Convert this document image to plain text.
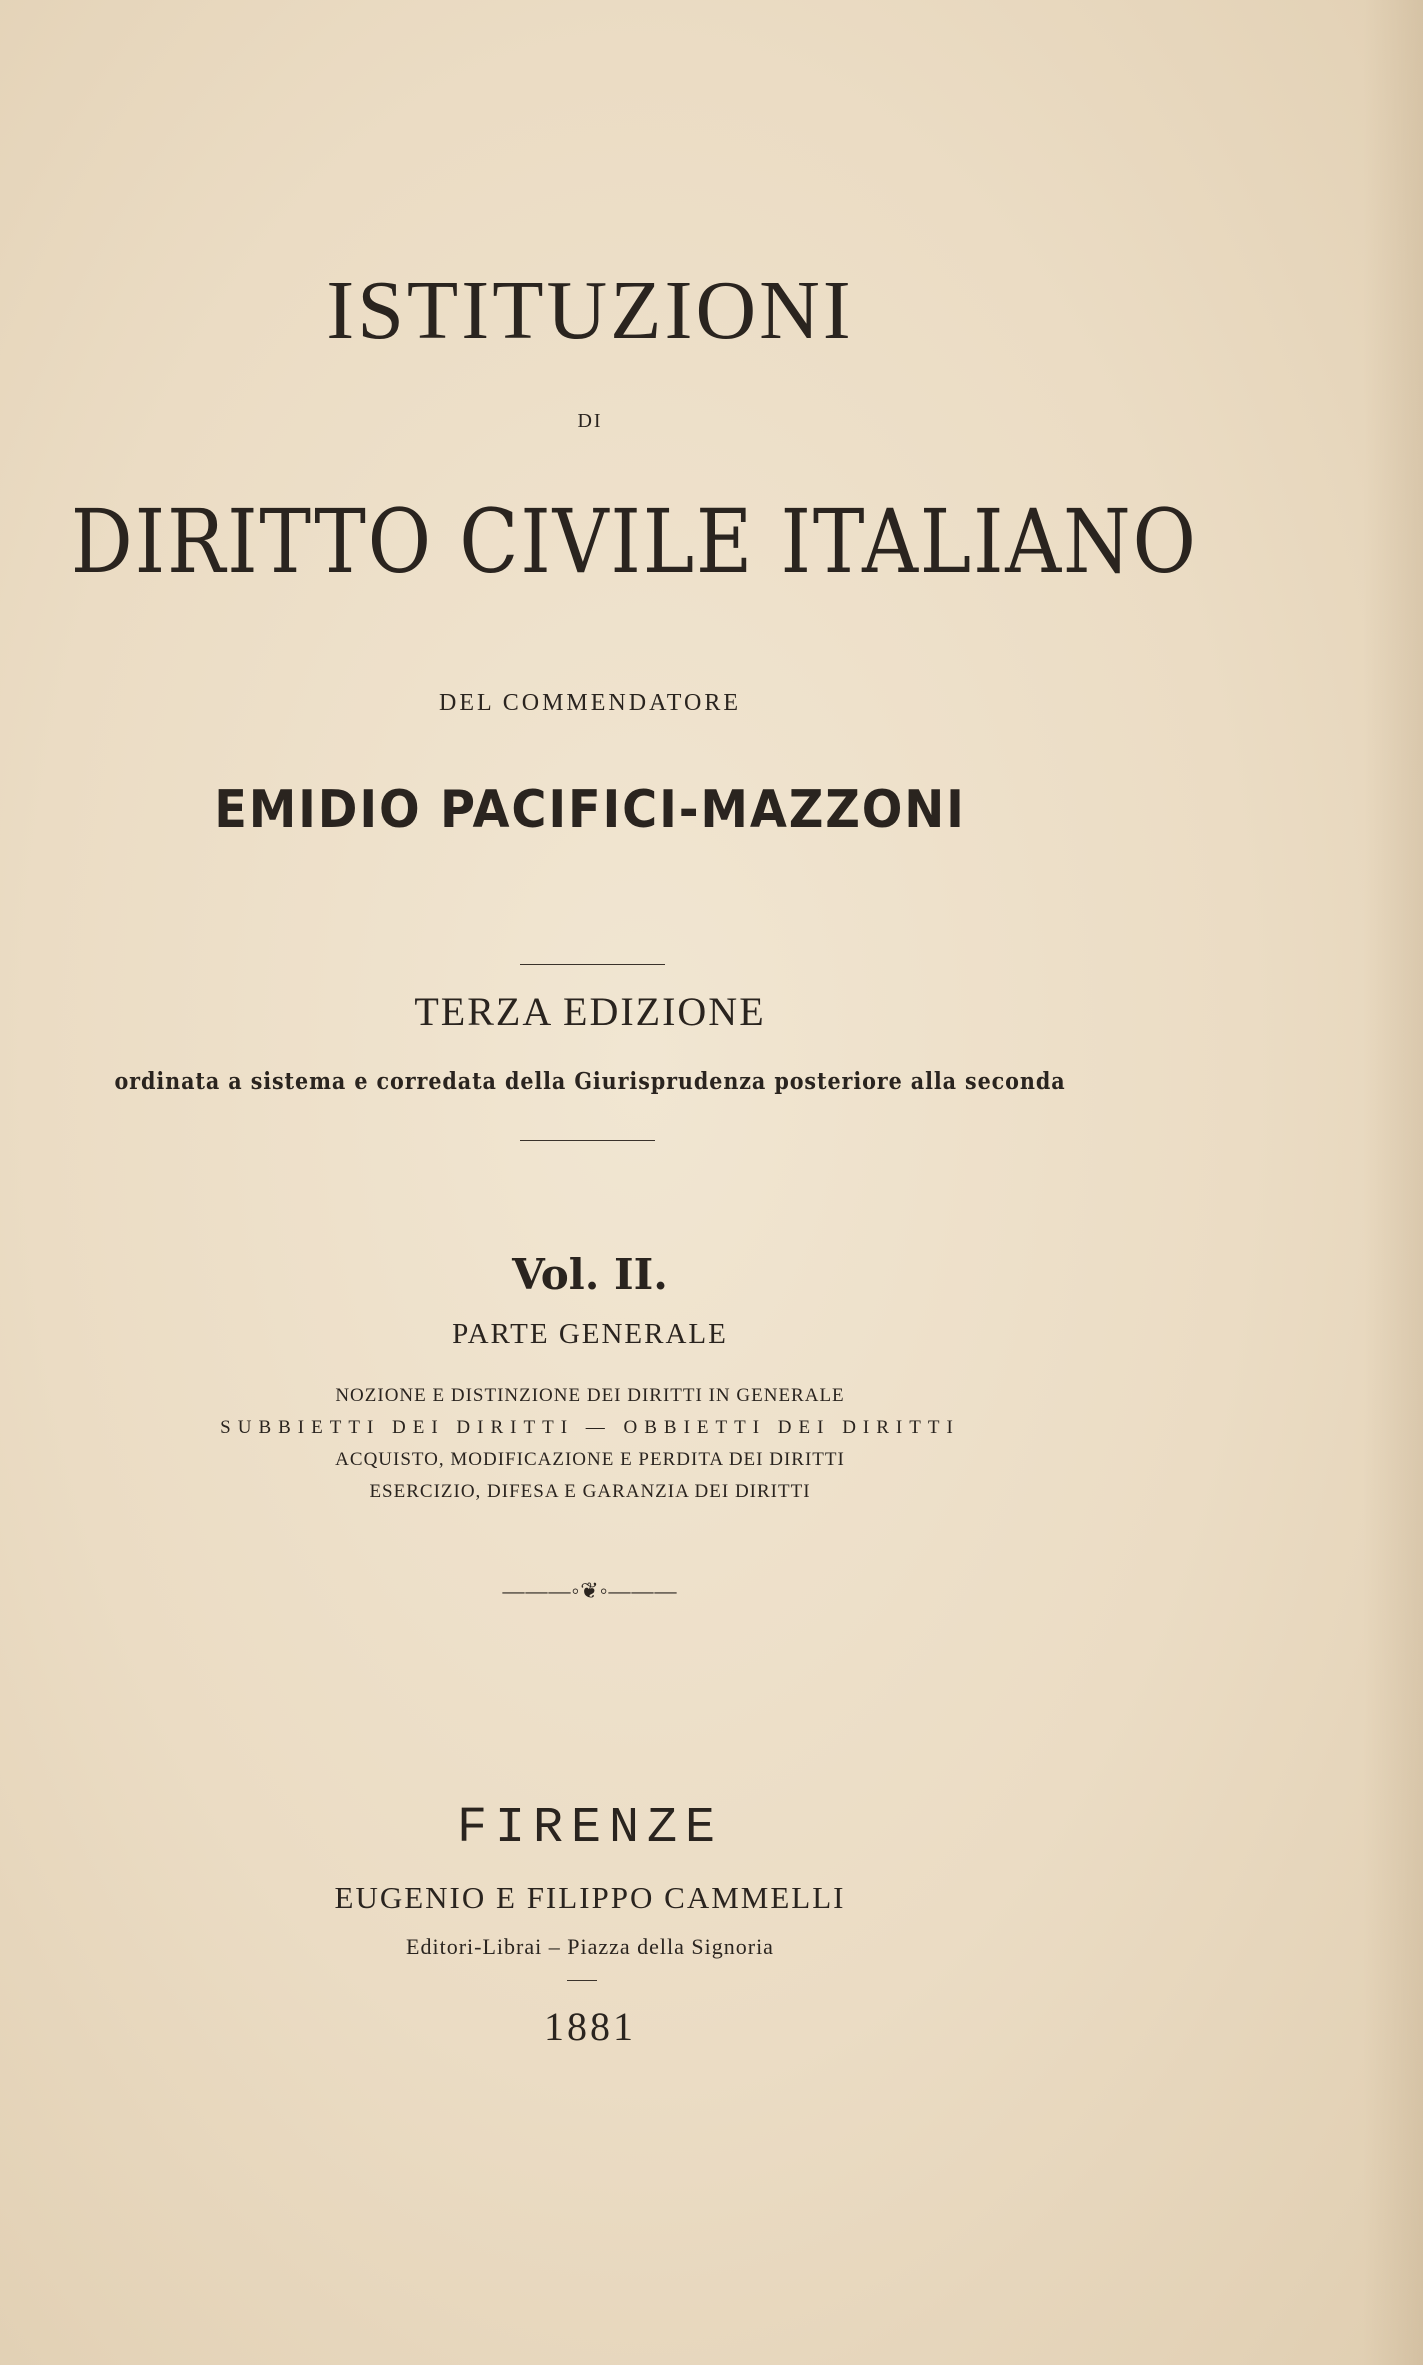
ISTITUZIONI
DI
DIRITTO CIVILE ITALIANO
DEL COMMENDATORE
EMIDIO PACIFICI-MAZZONI
TERZA EDIZIONE
ordinata a sistema e corredata della Giurisprudenza posteriore alla seconda
Vol. II.
PARTE GENERALE
NOZIONE E DISTINZIONE DEI DIRITTI IN GENERALE
SUBBIETTI DEI DIRITTI — OBBIETTI DEI DIRITTI
ACQUISTO, MODIFICAZIONE E PERDITA DEI DIRITTI
ESERCIZIO, DIFESA E GARANZIA DEI DIRITTI
———◦❦◦———
FIRENZE
EUGENIO E FILIPPO CAMMELLI
Editori-Librai – Piazza della Signoria
1881
